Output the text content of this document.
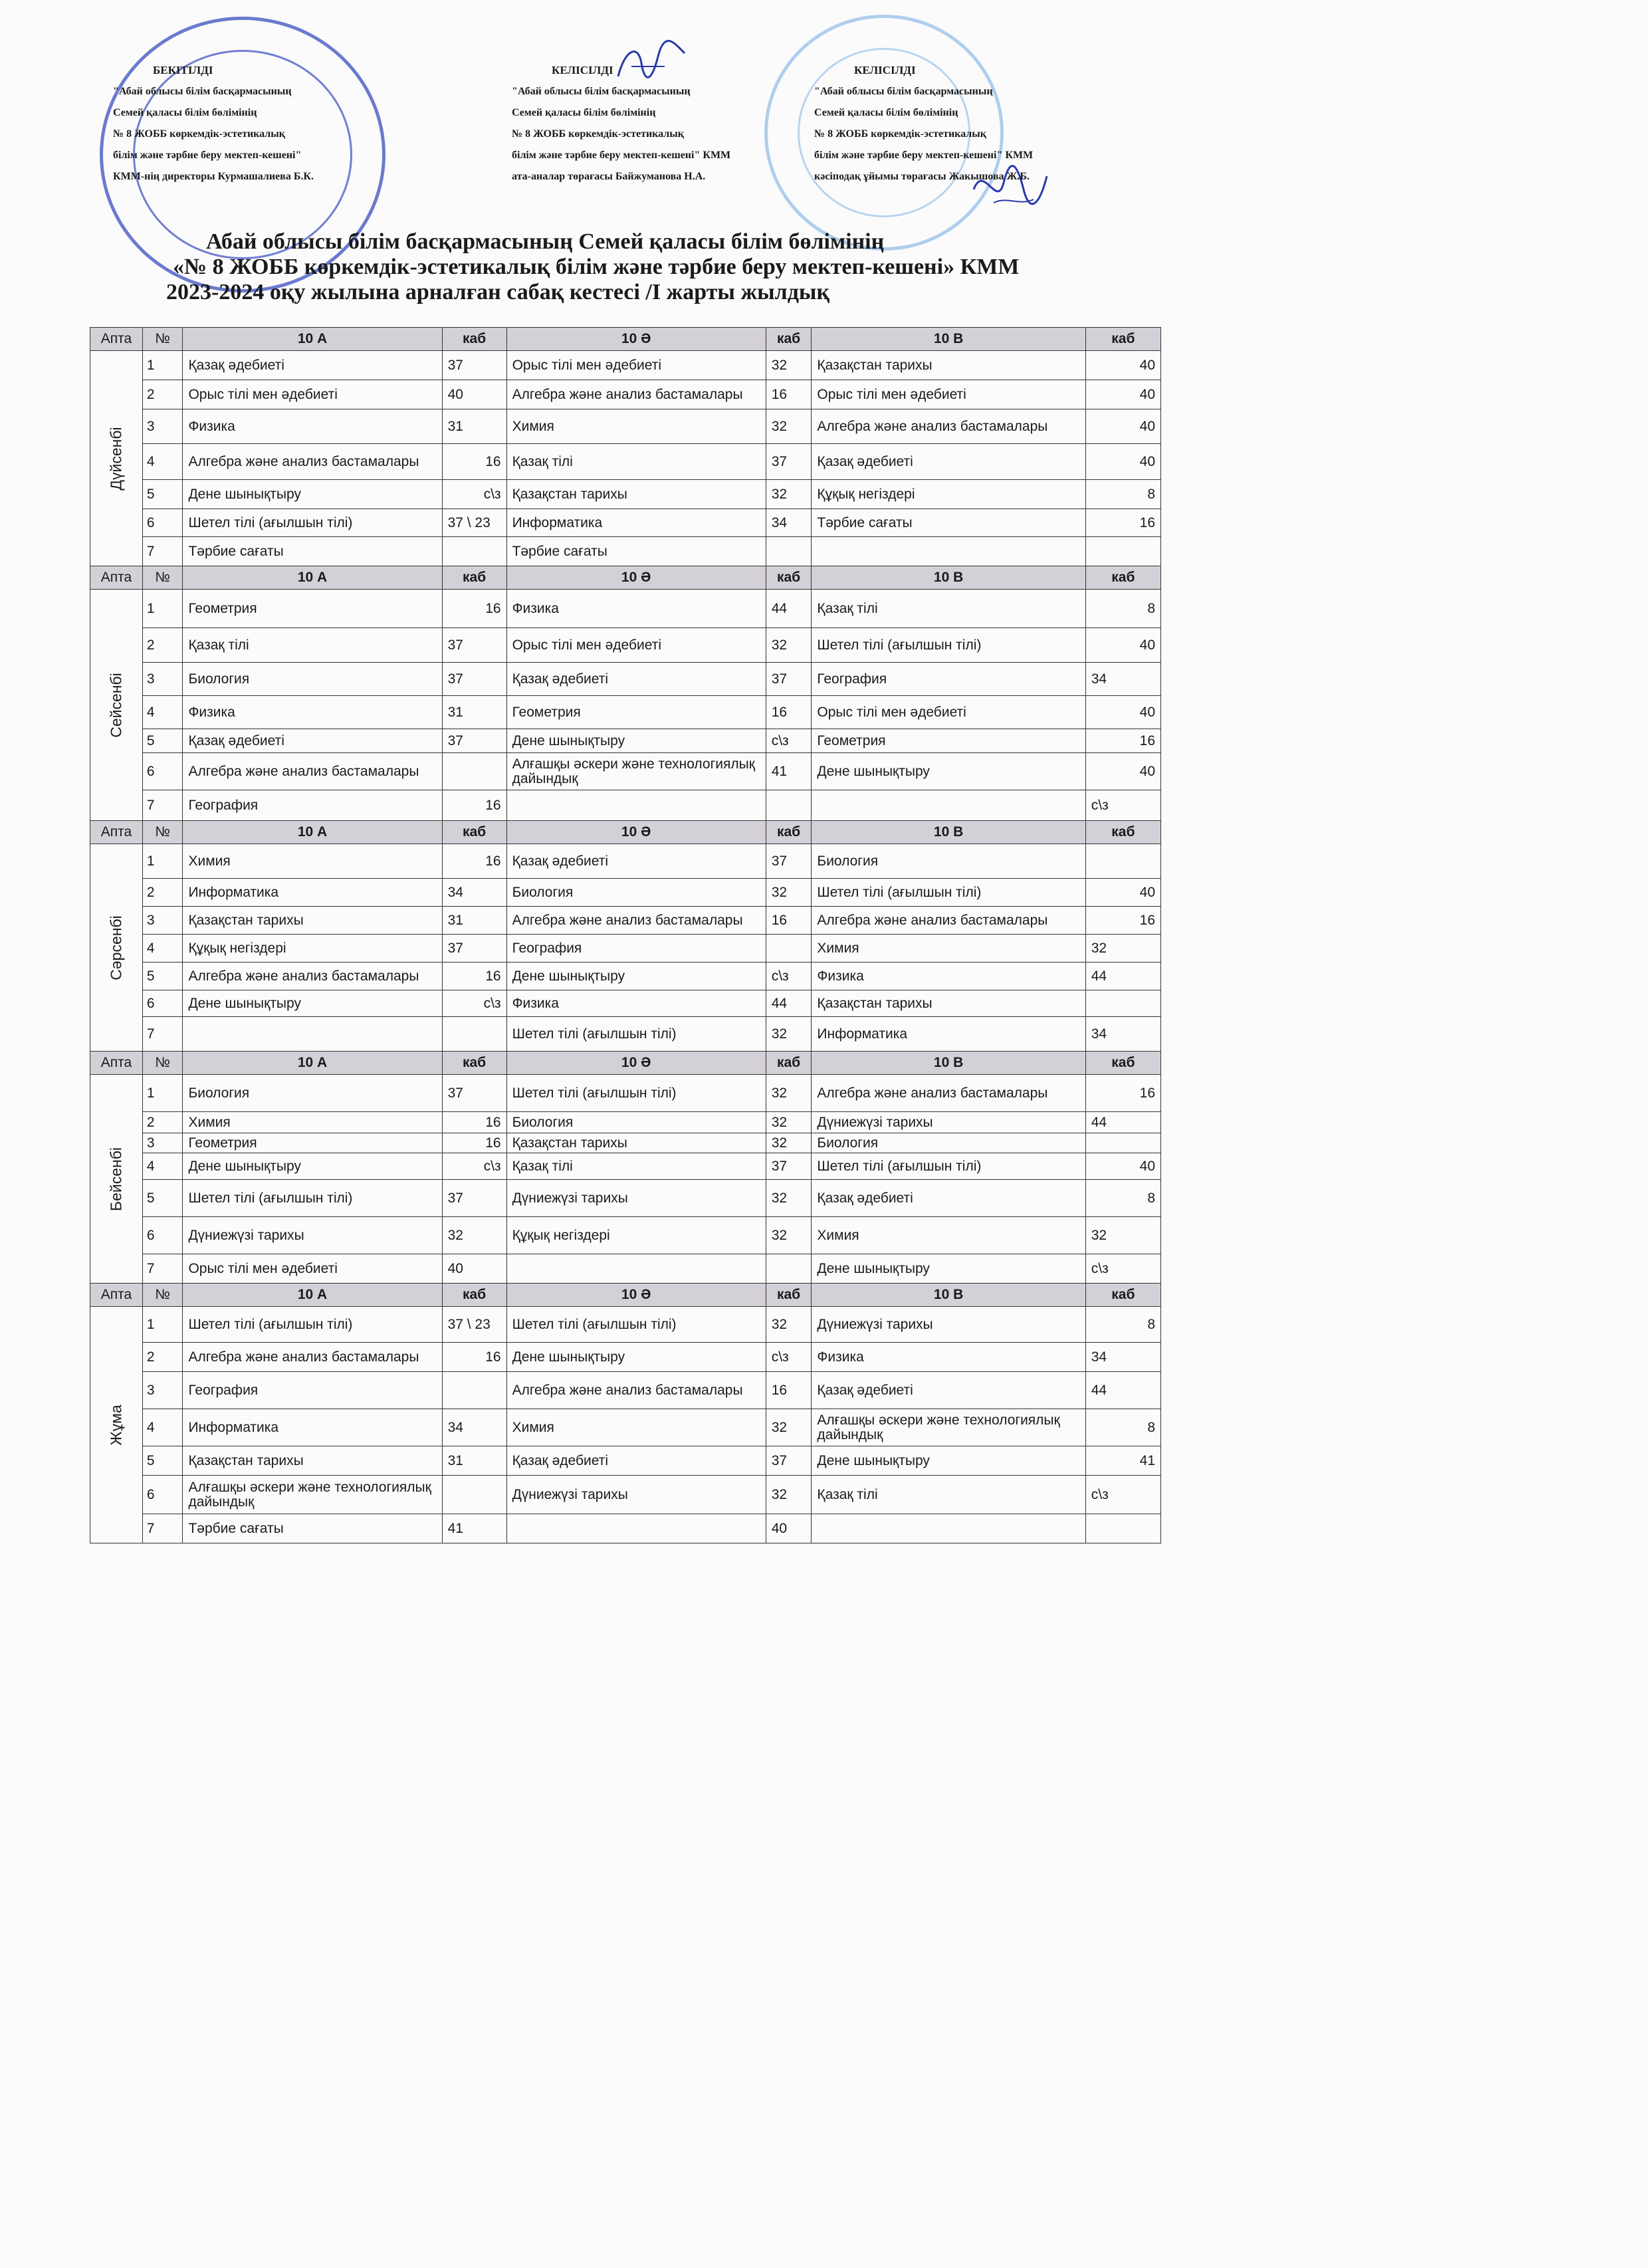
БЕКІТІЛДІ
"Абай облысы білім басқармасының
Семей қаласы білім бөлімінің
№ 8 ЖОББ көркемдік-эстетикалық
білім және тәрбие беру мектеп-кешені"
КММ-нің директоры Курмашалиева Б.К.
КЕЛІСІЛДІ
"Абай облысы білім басқармасының
Семей қаласы білім бөлімінің
№ 8 ЖОББ көркемдік-эстетикалық
білім және тәрбие беру мектеп-кешені" КММ
ата-аналар төрағасы Байжуманова Н.А.
КЕЛІСІЛДІ
"Абай облысы білім басқармасының
Семей қаласы білім бөлімінің
№ 8 ЖОББ көркемдік-эстетикалық
білім және тәрбие беру мектеп-кешені" КММ
кәсіподақ ұйымы төрағасы Жакышова Ж.Б.
Абай облысы білім басқармасының Семей қаласы білім бөлімінің
«№ 8 ЖОББ көркемдік-эстетикалық білім және тәрбие беру мектеп-кешені» КММ
2023-2024 оқу жылына арналған сабақ кестесі /І жарты жылдық
Апта	№	10 А	каб	10 Ә	каб	10 В	каб

Дүйсенбі	1	Қазақ әдебиеті	37	Орыс тілі мен әдебиеті	32	Қазақстан тарихы	40
	2	Орыс тілі мен әдебиеті	40	Алгебра және анализ бастамалары	16	Орыс тілі мен әдебиеті	40
	3	Физика	31	Химия	32	Алгебра және анализ бастамалары	40
	4	Алгебра және анализ бастамалары	16	Қазақ тілі	37	Қазақ әдебиеті	40
	5	Дене шынықтыру	с\з	Қазақстан тарихы	32	Құқық негіздері	8
	6	Шетел тілі (ағылшын тілі)	37 \ 23	Информатика	34	Тәрбие сағаты	16
	7	Тәрбие сағаты		Тәрбие сағаты			
Апта	№	10 А	каб	10 Ә	каб	10 В	каб

Сейсенбі	1	Геометрия	16	Физика	44	Қазақ тілі	8
	2	Қазақ тілі	37	Орыс тілі мен әдебиеті	32	Шетел тілі (ағылшын тілі)	40
	3	Биология	37	Қазақ әдебиеті	37	География	34
	4	Физика	31	Геометрия	16	Орыс тілі мен әдебиеті	40
	5	Қазақ әдебиеті	37	Дене шынықтыру	с\з	Геометрия	16
	6	Алгебра және анализ бастамалары		Алғашқы әскери және технологиялық дайындық	41	Дене шынықтыру	40
	7	География	16				с\з
Апта	№	10 А	каб	10 Ә	каб	10 В	каб

Сәрсенбі	1	Химия	16	Қазақ әдебиеті	37	Биология	
	2	Информатика	34	Биология	32	Шетел тілі (ағылшын тілі)	40
	3	Қазақстан тарихы	31	Алгебра және анализ бастамалары	16	Алгебра және анализ бастамалары	16
	4	Құқық негіздері	37	География		Химия	32
	5	Алгебра және анализ бастамалары	16	Дене шынықтыру	с\з	Физика	44
	6	Дене шынықтыру	с\з	Физика	44	Қазақстан тарихы	
	7			Шетел тілі (ағылшын тілі)	32	Информатика	34
Апта	№	10 А	каб	10 Ә	каб	10 В	каб

Бейсенбі	1	Биология	37	Шетел тілі (ағылшын тілі)	32	Алгебра және анализ бастамалары	16
	2	Химия	16	Биология	32	Дүниежүзі тарихы	44
	3	Геометрия	16	Қазақстан тарихы	32	Биология	
	4	Дене шынықтыру	с\з	Қазақ тілі	37	Шетел тілі (ағылшын тілі)	40
	5	Шетел тілі (ағылшын тілі)	37	Дүниежүзі тарихы	32	Қазақ әдебиеті	8
	6	Дүниежүзі тарихы	32	Құқық негіздері	32	Химия	32
	7	Орыс тілі мен әдебиеті	40			Дене шынықтыру	с\з
Апта	№	10 А	каб	10 Ә	каб	10 В	каб

Жұма	1	Шетел тілі (ағылшын тілі)	37 \ 23	Шетел тілі (ағылшын тілі)	32	Дүниежүзі тарихы	8
	2	Алгебра және анализ бастамалары	16	Дене шынықтыру	с\з	Физика	34
	3	География		Алгебра және анализ бастамалары	16	Қазақ әдебиеті	44
	4	Информатика	34	Химия	32	Алғашқы әскери және технологиялық дайындық	8
	5	Қазақстан тарихы	31	Қазақ әдебиеті	37	Дене шынықтыру	41
	6	Алғашқы әскери және технологиялық дайындық		Дүниежүзі тарихы	32	Қазақ тілі	с\з
	7	Тәрбие сағаты	41		40		
